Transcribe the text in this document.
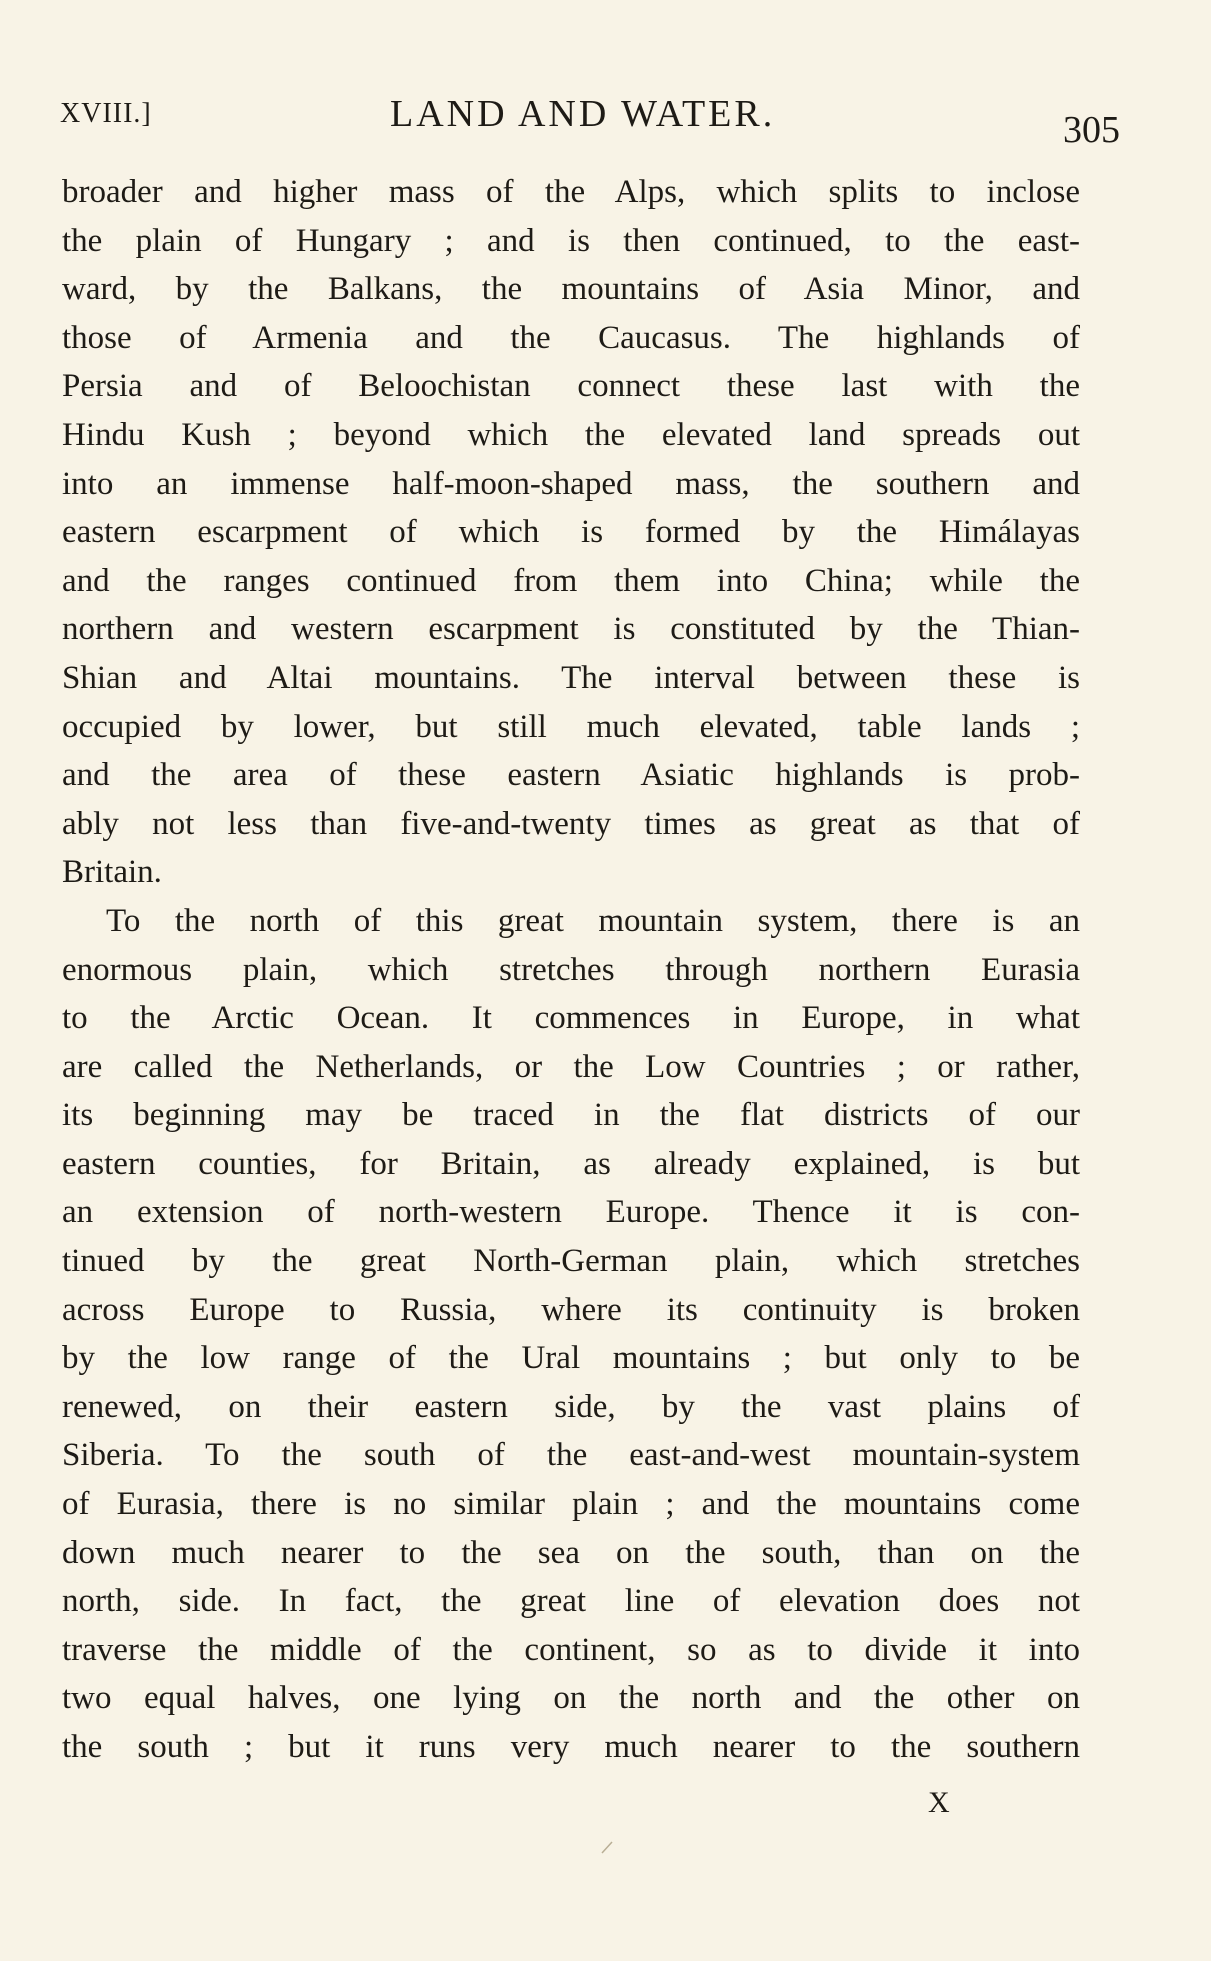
XVIII.]	LAND AND WATER.	305
broader and higher mass of the Alps, which splits to inclose
the plain of Hungary ; and is then continued, to the east-
ward, by the Balkans, the mountains of Asia Minor, and
those of Armenia and the Caucasus. The highlands of
Persia and of Beloochistan connect these last with the
Hindu Kush ; beyond which the elevated land spreads out
into an immense half-moon-shaped mass, the southern and
eastern escarpment of which is formed by the Himálayas
and the ranges continued from them into China; while the
northern and western escarpment is constituted by the Thian-
Shian and Altai mountains. The interval between these is
occupied by lower, but still much elevated, table lands ;
and the area of these eastern Asiatic highlands is prob-
ably not less than five-and-twenty times as great as that of
Britain.
To the north of this great mountain system, there is an
enormous plain, which stretches through northern Eurasia
to the Arctic Ocean. It commences in Europe, in what
are called the Netherlands, or the Low Countries ; or rather,
its beginning may be traced in the flat districts of our
eastern counties, for Britain, as already explained, is but
an extension of north-western Europe. Thence it is con-
tinued by the great North-German plain, which stretches
across Europe to Russia, where its continuity is broken
by the low range of the Ural mountains ; but only to be
renewed, on their eastern side, by the vast plains of
Siberia. To the south of the east-and-west mountain-system
of Eurasia, there is no similar plain ; and the mountains come
down much nearer to the sea on the south, than on the
north, side. In fact, the great line of elevation does not
traverse the middle of the continent, so as to divide it into
two equal halves, one lying on the north and the other on
the south ; but it runs very much nearer to the southern
X
